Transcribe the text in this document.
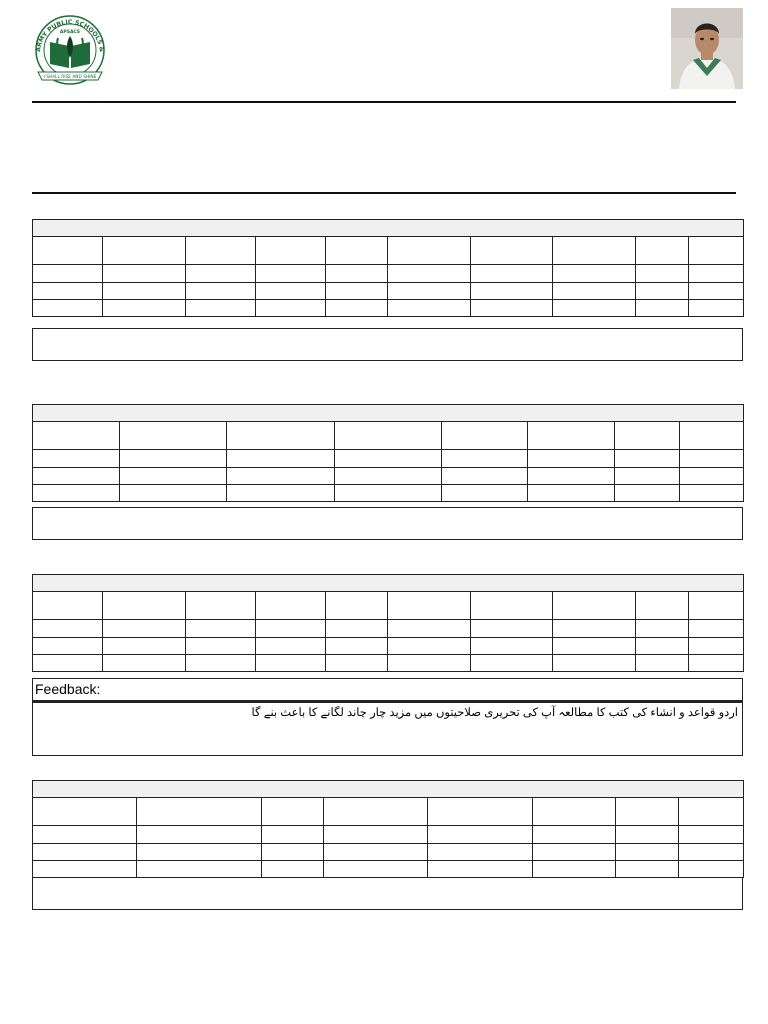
ARMY PUBLIC SCHOOLS &
APSACS
I SHALL RISE AND SHINE

Feedback:
اردو قواعد و انشاء کی کتب کا مطالعہ آپ کی تحریری صلاحیتوں میں مزید چار چاند لگانے کا باعث بنے گا
